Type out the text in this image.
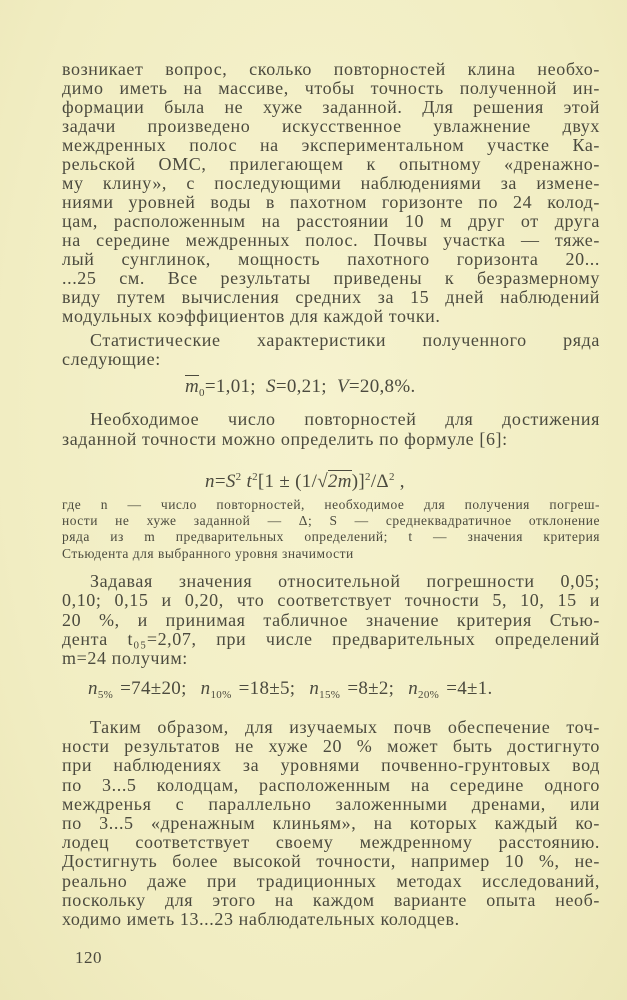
возникает вопрос, сколько повторностей клина необхо-
димо иметь на массиве, чтобы точность полученной ин-
формации была не хуже заданной. Для решения этой
задачи произведено искусственное увлажнение двух
междренных полос на экспериментальном участке Ка-
рельской ОМС, прилегающем к опытному «дренажно-
му клину», с последующими наблюдениями за измене-
ниями уровней воды в пахотном горизонте по 24 колод-
цам, расположенным на расстоянии 10 м друг от друга
на середине междренных полос. Почвы участка — тяже-
лый сунглинок, мощность пахотного горизонта 20...
...25 см. Все результаты приведены к безразмерному
виду путем вычисления средних за 15 дней наблюдений
модульных коэффициентов для каждой точки.
Статистические характеристики полученного ряда
следующие:
Необходимое число повторностей для достижения
заданной точности можно определить по формуле [6]:
где n — число повторностей, необходимое для получения погреш-
ности не хуже заданной — Δ; S — среднеквадратичное отклонение
ряда из m предварительных определений; t — значения критерия
Стьюдента для выбранного уровня значимости
Задавая значения относительной погрешности 0,05;
0,10; 0,15 и 0,20, что соответствует точности 5, 10, 15 и
20 %, и принимая табличное значение критерия Стью-
дента t₀₅=2,07, при числе предварительных определений
m=24 получим:
Таким образом, для изучаемых почв обеспечение точ-
ности результатов не хуже 20 % может быть достигнуто
при наблюдениях за уровнями почвенно-грунтовых вод
по 3...5 колодцам, расположенным на середине одного
междренья с параллельно заложенными дренами, или
по 3...5 «дренажным клиньям», на которых каждый ко-
лодец соответствует своему междренному расстоянию.
Достигнуть более высокой точности, например 10 %, не-
реально даже при традиционных методах исследований,
поскольку для этого на каждом варианте опыта необ-
ходимо иметь 13...23 наблюдательных колодцев.
$\overline{m}_0=1,01$; S=0,21; V=20,8%.
$n=S^2$ $t^2[1 \pm (1/√2m)]^2/\Delta^2$ ,
$n_{5\%} =74\pm 20$; $n_{10\%} =18\pm 5$; $n_{15\%} =8\pm 2$; $n_{20\%} =4\pm 1$.
120
